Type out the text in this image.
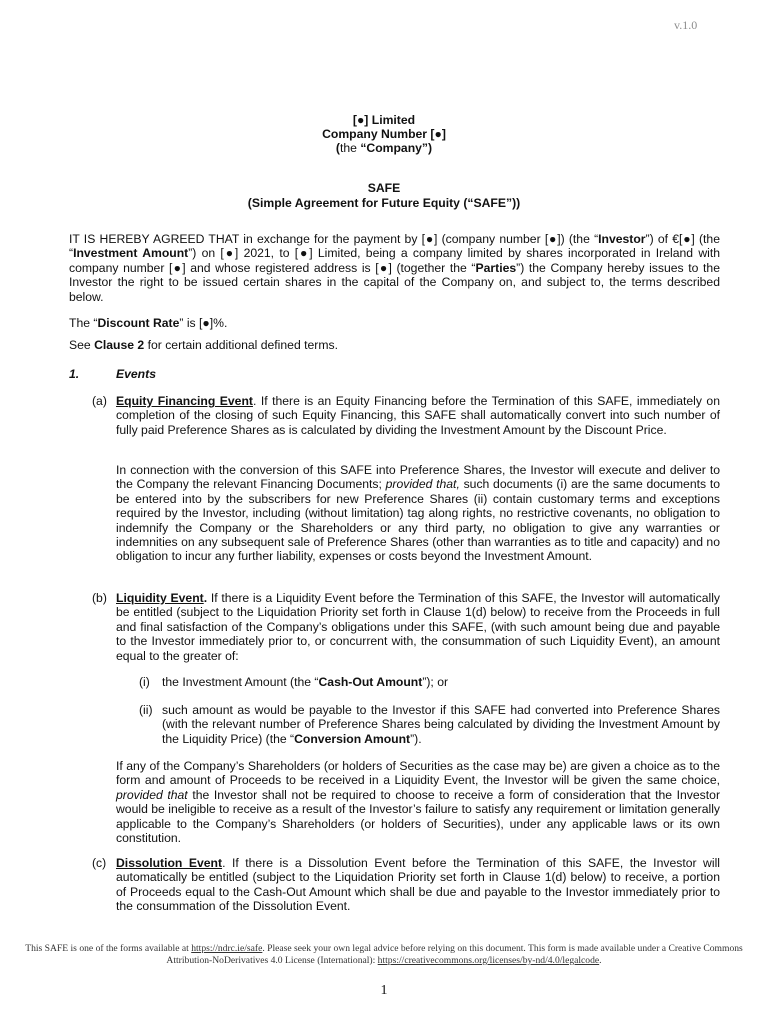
v.1.0
[●] Limited
Company Number [●]
(the “Company”)
SAFE
(Simple Agreement for Future Equity (“SAFE”))

IT IS HEREBY AGREED THAT in exchange for the payment by [●] (company number [●]) (the “Investor”) of €[●] (the “Investment Amount”) on [●] 2021, to [●] Limited, being a company limited by shares incorporated in Ireland with company number [●] and whose registered address is [●] (together the “Parties”) the Company hereby issues to the Investor the right to be issued certain shares in the capital of the Company on, and subject to, the terms described below.

The “Discount Rate” is [●]%.

See Clause 2 for certain additional defined terms.

1.	Events
(a) Equity Financing Event. If there is an Equity Financing before the Termination of this SAFE, immediately on completion of the closing of such Equity Financing, this SAFE shall automatically convert into such number of fully paid Preference Shares as is calculated by dividing the Investment Amount by the Discount Price.

In connection with the conversion of this SAFE into Preference Shares, the Investor will execute and deliver to the Company the relevant Financing Documents; provided that, such documents (i) are the same documents to be entered into by the subscribers for new Preference Shares (ii) contain customary terms and exceptions required by the Investor, including (without limitation) tag along rights, no restrictive covenants, no obligation to indemnify the Company or the Shareholders or any third party, no obligation to give any warranties or indemnities on any subsequent sale of Preference Shares (other than warranties as to title and capacity) and no obligation to incur any further liability, expenses or costs beyond the Investment Amount.

(b) Liquidity Event. If there is a Liquidity Event before the Termination of this SAFE, the Investor will automatically be entitled (subject to the Liquidation Priority set forth in Clause 1(d) below) to receive from the Proceeds in full and final satisfaction of the Company’s obligations under this SAFE, (with such amount being due and payable to the Investor immediately prior to, or concurrent with, the consummation of such Liquidity Event), an amount equal to the greater of:

(i) the Investment Amount (the “Cash-Out Amount”); or

(ii) such amount as would be payable to the Investor if this SAFE had converted into Preference Shares (with the relevant number of Preference Shares being calculated by dividing the Investment Amount by the Liquidity Price) (the “Conversion Amount”).

If any of the Company’s Shareholders (or holders of Securities as the case may be) are given a choice as to the form and amount of Proceeds to be received in a Liquidity Event, the Investor will be given the same choice, provided that the Investor shall not be required to choose to receive a form of consideration that the Investor would be ineligible to receive as a result of the Investor’s failure to satisfy any requirement or limitation generally applicable to the Company’s Shareholders (or holders of Securities), under any applicable laws or its own constitution.

(c) Dissolution Event. If there is a Dissolution Event before the Termination of this SAFE, the Investor will automatically be entitled (subject to the Liquidation Priority set forth in Clause 1(d) below) to receive, a portion of Proceeds equal to the Cash-Out Amount which shall be due and payable to the Investor immediately prior to the consummation of the Dissolution Event.

This SAFE is one of the forms available at https://ndrc.ie/safe. Please seek your own legal advice before relying on this document. This form is made available under a Creative Commons Attribution-NoDerivatives 4.0 License (International): https://creativecommons.org/licenses/by-nd/4.0/legalcode.
1
